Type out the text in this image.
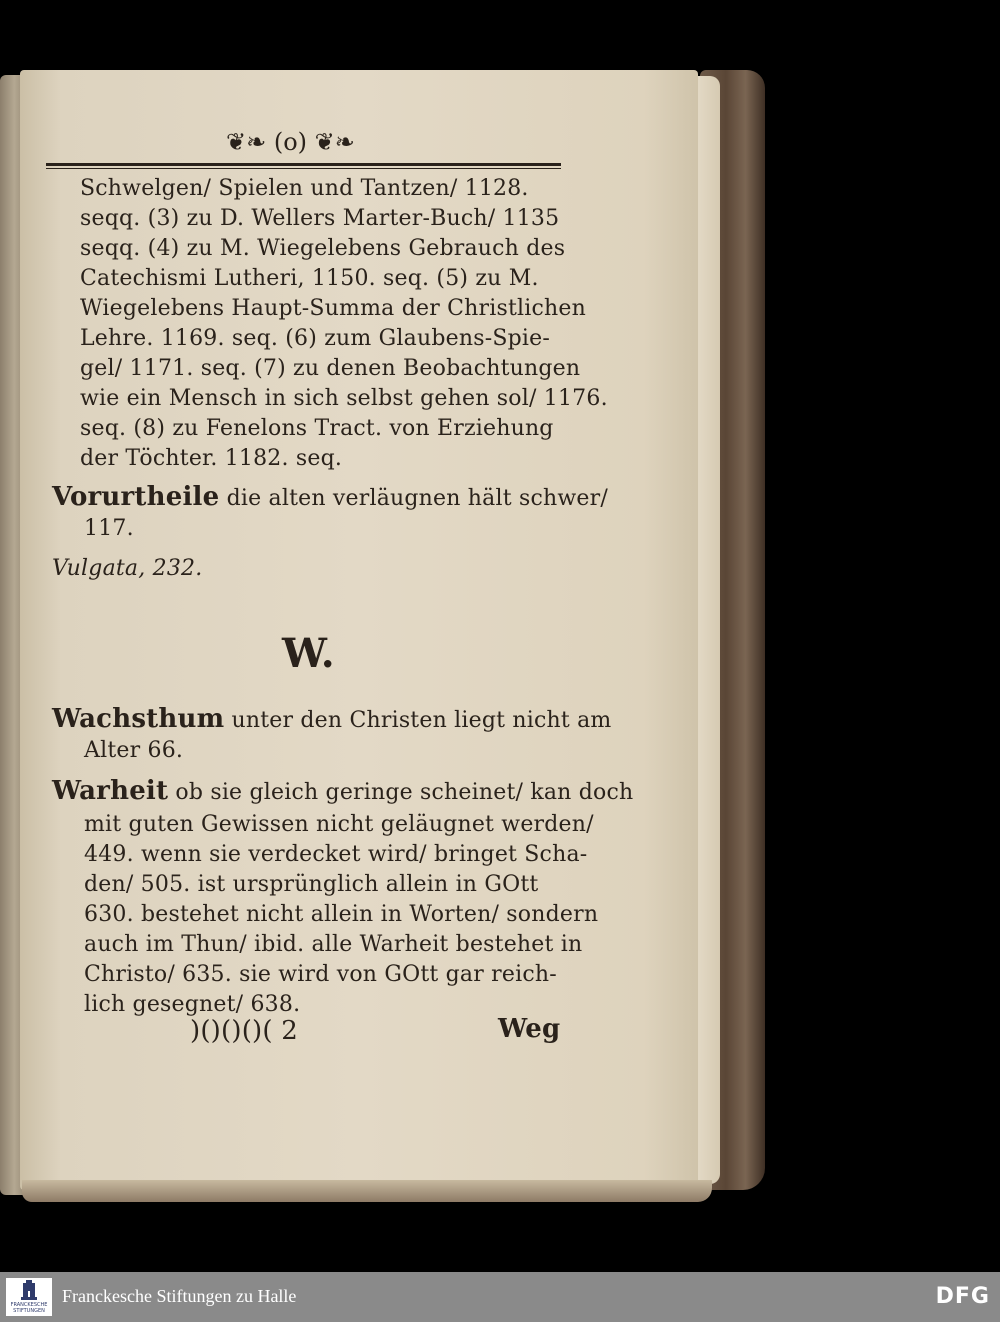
❦❧ (o) ❦❧
Schwelgen/ Spielen und Tantzen/ 1128.
seqq. (3) zu D. Wellers Marter-Buch/ 1135
seqq. (4) zu M. Wiegelebens Gebrauch des
Catechismi Lutheri, 1150. seq. (5) zu M.
Wiegelebens Haupt-Summa der Christlichen
Lehre. 1169. seq. (6) zum Glaubens-Spie-
gel/ 1171. seq. (7) zu denen Beobachtungen
wie ein Mensch in sich selbst gehen sol/ 1176.
seq. (8) zu Fenelons Tract. von Erziehung
der Töchter. 1182. seq.
Vorurtheile die alten verläugnen hält schwer/
117.
Vulgata, 232.
W.
Wachsthum unter den Christen liegt nicht am
Alter 66.
Warheit ob sie gleich geringe scheinet/ kan doch
mit guten Gewissen nicht geläugnet werden/
449. wenn sie verdecket wird/ bringet Scha-
den/ 505. ist ursprünglich allein in GOtt
630. bestehet nicht allein in Worten/ sondern
auch im Thun/ ibid. alle Warheit bestehet in
Christo/ 635. sie wird von GOtt gar reich-
lich gesegnet/ 638.
)()()()( 2	Weg
FRANCKESCHE STIFTUNGEN
Franckesche Stiftungen zu Halle	DFG
